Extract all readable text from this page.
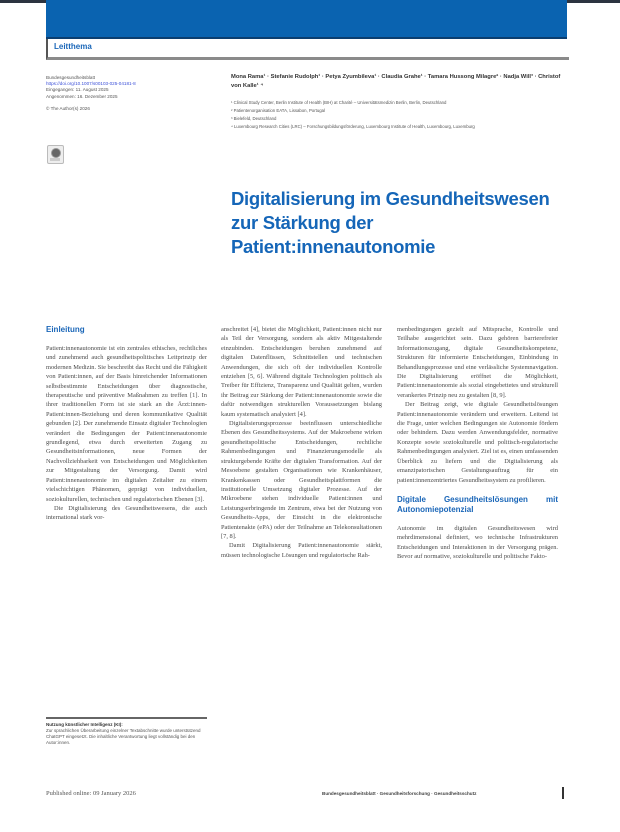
Leitthema
Bundesgesundheitsblatt
https://doi.org/10.1007/s00103-025-04181-8
Eingegangen: 11. August 2025
Angenommen: 16. Dezember 2025
© The Author(s) 2026
Mona Rama¹ · Stefanie Rudolph¹ · Petya Zyumbileva¹ · Claudia Grahe¹ · Tamara Hussong Milagre² · Nadja Will³ · Christof von Kalle¹ ⁴
¹ Clinical Study Center, Berlin Institute of Health (BIH) at Charité – Universitätsmedizin Berlin, Berlin, Deutschland
² Patientenorganisation EATA, Lissabon, Portugal
³ Bielefeld, Deutschland
⁴ Luxembourg Research Cities (LRC) – Forschungsbildungsförderung, Luxembourg Institute of Health, Luxembourg, Luxemburg
Digitalisierung im Gesundheitswesen zur Stärkung der Patient:innenautonomie
Einleitung

Patient:innenautonomie ist ein zentrales ethisches, rechtliches und zunehmend auch gesundheitspolitisches Leitprinzip der modernen Medizin. Sie beschreibt das Recht und die Fähigkeit von Patient:innen, auf der Basis hinreichender Informationen selbstbestimmte Entscheidungen über diagnostische, therapeutische und präventive Maßnahmen zu treffen [1]. In ihrer traditionellen Form ist sie stark an die Ärzt:innen-Patient:innen-Beziehung und deren kommunikative Qualität gebunden [2]. Der zunehmende Einsatz digitaler Technologien verändert die Bedingungen der Patient:innenautonomie grundlegend, etwa durch erweiterten Zugang zu Gesundheitsinformationen, neue Formen der Nachvollziehbarkeit von Entscheidungen und Möglichkeiten zur Mitgestaltung der Versorgung. Damit wird Patient:innenautonomie im digitalen Zeitalter zu einem vielschichtigen Phänomen, geprägt von individuellen, soziokulturellen, technischen und regulatorischen Ebenen [3].

Die Digitalisierung des Gesundheitswesens, die auch international stark vor-

anschreitet [4], bietet die Möglichkeit, Patient:innen nicht nur als Teil der Versorgung, sondern als aktiv Mitgestaltende einzubinden. Entscheidungen beruhen zunehmend auf digitalen Datenflüssen, Schnittstellen und technischen Anwendungen, die sich oft der individuellen Kontrolle entziehen [5, 6]. Während digitale Technologien politisch als Treiber für Effizienz, Transparenz und Qualität gelten, wurden ihr Beitrag zur Stärkung der Patient:innenautonomie sowie die dafür notwendigen strukturellen Voraussetzungen bislang kaum systematisch analysiert [4].

Digitalisierungsprozesse beeinflussen unterschiedliche Ebenen des Gesundheitssystems. Auf der Makroebene wirken gesundheitspolitische Entscheidungen, rechtliche Rahmenbedingungen und Finanzierungsmodelle als strukturgebende Kräfte der digitalen Transformation. Auf der Mesoebene gestalten Organisationen wie Krankenhäuser, Krankenkassen oder Gesundheitsplattformen die institutionelle Umsetzung digitaler Prozesse. Auf der Mikroebene stehen individuelle Patient:innen und Leistungserbringende im Zentrum, etwa bei der Nutzung von Gesundheits-Apps, der Einsicht in die elektronische Patientenakte (ePA) oder der Teilnahme an Telekonsultationen [7, 8].

Damit Digitalisierung Patient:innenautonomie stärkt, müssen technologische Lösungen und regulatorische Rah-

menbedingungen gezielt auf Mitsprache, Kontrolle und Teilhabe ausgerichtet sein. Dazu gehören barrierefreier Informationszugang, digitale Gesundheitskompetenz, Strukturen für informierte Entscheidungen, Einbindung in Behandlungsprozesse und eine verlässliche Systemnavigation. Die Digitalisierung eröffnet die Möglichkeit, Patient:innenautonomie als sozial eingebettetes und strukturell verankertes Prinzip neu zu gestalten [8, 9].

Der Beitrag zeigt, wie digitale Gesundheitslösungen Patient:innenautonomie verändern und erweitern. Leitend ist die Frage, unter welchen Bedingungen sie Autonomie fördern oder behindern. Dazu werden Anwendungsfelder, normative Konzepte sowie soziokulturelle und politisch-regulatorische Rahmenbedingungen analysiert. Ziel ist es, einen umfassenden Überblick zu liefern und die Digitalisierung als emanzipatorischen Gestaltungsauftrag für ein patient:innenzentriertes Gesundheitssystem zu profilieren.

Digitale Gesundheitslösungen mit Autonomiepotenzial

Autonomie im digitalen Gesundheitswesen wird mehrdimensional definiert, wo technische Infrastrukturen Entscheidungen und Interaktionen in der Versorgung prägen. Bevor auf normative, soziokulturelle und politische Fakto-

Nutzung künstlicher Intelligenz (KI):
Zur sprachlichen Überarbeitung einzelner Textabschnitte wurde unterstützend ChatGPT eingesetzt. Die inhaltliche Verantwortung liegt vollständig bei den Autor:innen.
Published online: 09 January 2026	Bundesgesundheitsblatt · Gesundheitsforschung · Gesundheitsschutz
